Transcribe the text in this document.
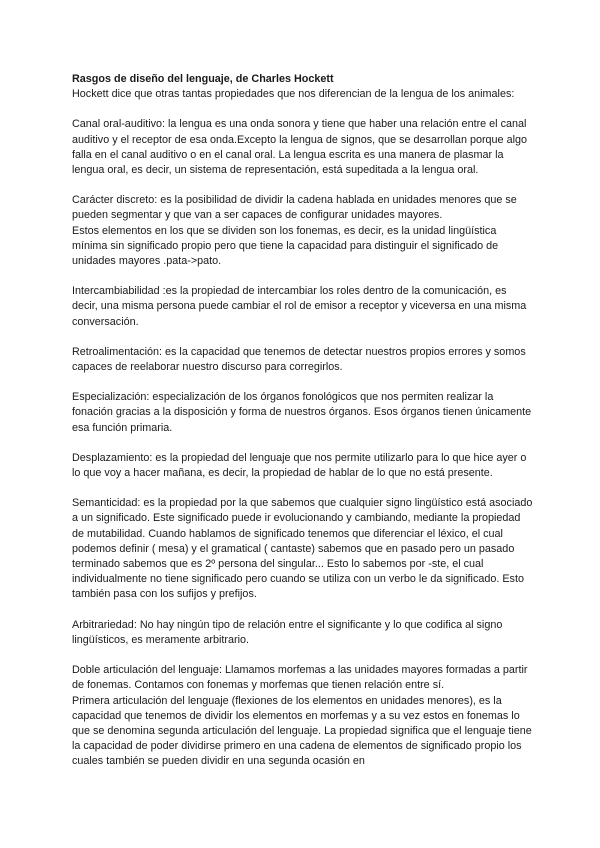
Rasgos de diseño del lenguaje, de Charles Hockett

Hockett dice que otras tantas propiedades que nos diferencian de la lengua de los animales:

Canal oral-auditivo: la lengua es una onda sonora y tiene que haber una relación entre el canal auditivo y el receptor de esa onda.Excepto la lengua de signos, que se desarrollan porque algo falla en el canal auditivo o en el canal oral. La lengua escrita es una manera de plasmar la lengua oral, es decir, un sistema de representación, está supeditada a la lengua oral.

Carácter discreto: es la posibilidad de dividir la cadena hablada en unidades menores que se pueden segmentar y que van a ser capaces de configurar unidades mayores.

Estos elementos en los que se dividen son los fonemas, es decir, es la unidad lingüística mínima sin significado propio pero que tiene la capacidad para distinguir el significado de unidades mayores .pata->pato.

Intercambiabilidad :es la propiedad de intercambiar los roles dentro de la comunicación, es decir, una misma persona puede cambiar el rol de emisor a receptor y viceversa en una misma conversación.

Retroalimentación: es la capacidad que tenemos de detectar nuestros propios errores y somos capaces de reelaborar nuestro discurso para corregirlos.

Especialización: especialización de los órganos fonológicos que nos permiten realizar la fonación gracias a la disposición y forma de nuestros órganos. Esos órganos tienen únicamente esa función primaria.

Desplazamiento: es la propiedad del lenguaje que nos permite utilizarlo para lo que hice ayer o lo que voy a hacer mañana, es decir, la propiedad de hablar de lo que no está presente.

Semanticidad: es la propiedad por la que sabemos que cualquier signo lingüístico está asociado a un significado. Este significado puede ir evolucionando y cambiando, mediante la propiedad de mutabilidad. Cuando hablamos de significado tenemos que diferenciar el léxico, el cual podemos definir ( mesa) y el gramatical ( cantaste) sabemos que en pasado pero un pasado terminado sabemos que es 2º persona del singular... Esto lo sabemos por -ste, el cual individualmente no tiene significado pero cuando se utiliza con un verbo le da significado. Esto también pasa con los sufijos y prefijos.

Arbitrariedad: No hay ningún tipo de relación entre el significante y lo que codifica al signo lingüísticos, es meramente arbitrario.

Doble articulación del lenguaje: Llamamos morfemas a las unidades mayores formadas a partir de fonemas. Contamos con fonemas y morfemas que tienen relación entre sí.

Primera articulación del lenguaje (flexiones de los elementos en unidades menores), es la capacidad que tenemos de dividir los elementos en morfemas y a su vez estos en fonemas lo que se denomina segunda articulación del lenguaje. La propiedad significa que el lenguaje tiene la capacidad de poder dividirse primero en una cadena de elementos de significado propio los cuales también se pueden dividir en una segunda ocasión en
